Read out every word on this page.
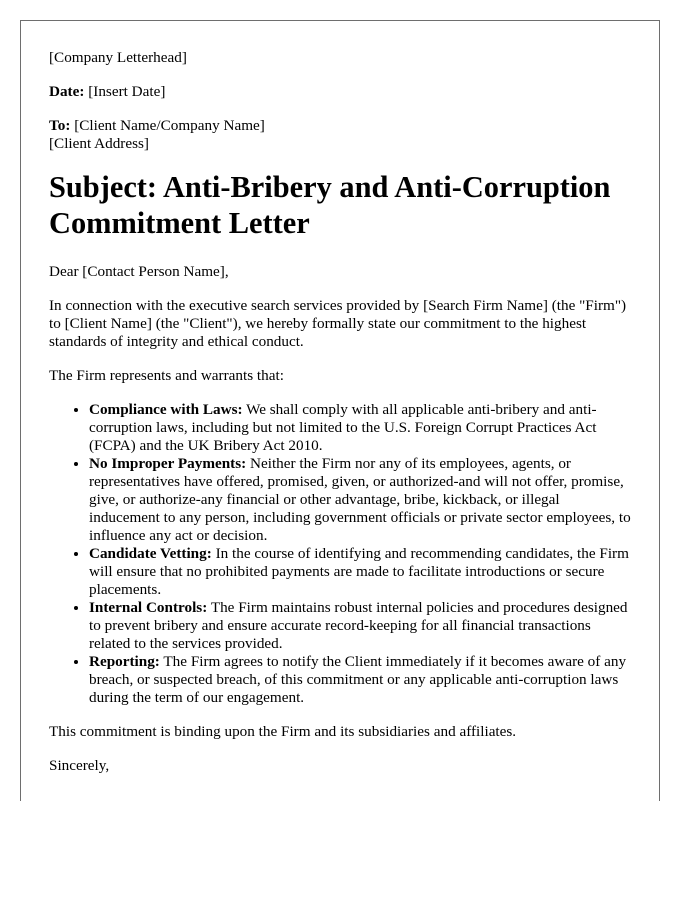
[Company Letterhead]

Date: [Insert Date]

To: [Client Name/Company Name]
[Client Address]
Subject: Anti-Bribery and Anti-Corruption Commitment Letter

Dear [Contact Person Name],

In connection with the executive search services provided by [Search Firm Name] (the "Firm") to [Client Name] (the "Client"), we hereby formally state our commitment to the highest standards of integrity and ethical conduct.

The Firm represents and warrants that:

• Compliance with Laws: We shall comply with all applicable anti-bribery and anti-corruption laws, including but not limited to the U.S. Foreign Corrupt Practices Act (FCPA) and the UK Bribery Act 2010.
• No Improper Payments: Neither the Firm nor any of its employees, agents, or representatives have offered, promised, given, or authorized-and will not offer, promise, give, or authorize-any financial or other advantage, bribe, kickback, or illegal inducement to any person, including government officials or private sector employees, to influence any act or decision.
• Candidate Vetting: In the course of identifying and recommending candidates, the Firm will ensure that no prohibited payments are made to facilitate introductions or secure placements.
• Internal Controls: The Firm maintains robust internal policies and procedures designed to prevent bribery and ensure accurate record-keeping for all financial transactions related to the services provided.
• Reporting: The Firm agrees to notify the Client immediately if it becomes aware of any breach, or suspected breach, of this commitment or any applicable anti-corruption laws during the term of our engagement.

This commitment is binding upon the Firm and its subsidiaries and affiliates.

Sincerely,
